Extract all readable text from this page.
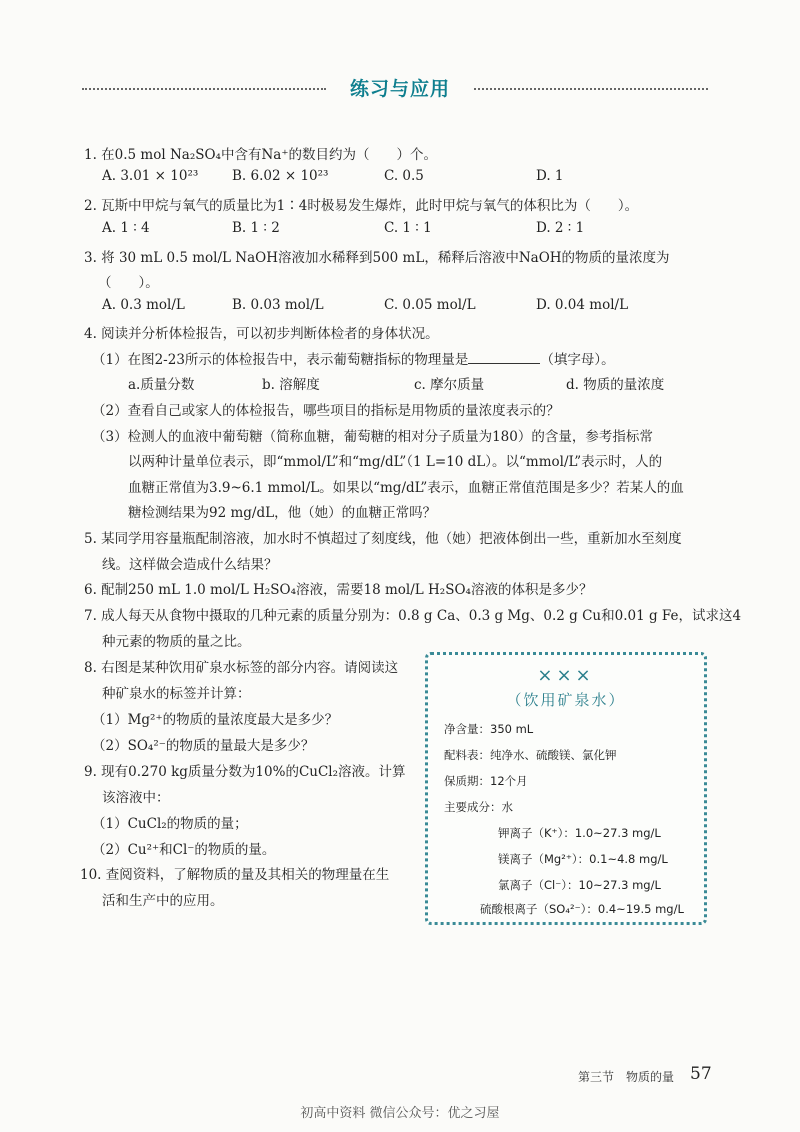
练习与应用
1. 在0.5 mol Na₂SO₄中含有Na⁺的数目约为（　　）个。
A. 3.01 × 10²³ B. 6.02 × 10²³	C. 0.5	D. 1
2. 瓦斯中甲烷与氧气的质量比为1∶4时极易发生爆炸，此时甲烷与氧气的体积比为（　　）。
A. 1 ∶ 4	B. 1 ∶ 2	C. 1 ∶ 1	D. 2 ∶ 1
3. 将 30 mL 0.5 mol/L NaOH溶液加水稀释到500 mL，稀释后溶液中NaOH的物质的量浓度为
（　　）。
A. 0.3 mol/L	B. 0.03 mol/L	C. 0.05 mol/L	D. 0.04 mol/L
4. 阅读并分析体检报告，可以初步判断体检者的身体状况。
（1）在图2-23所示的体检报告中，表示葡萄糖指标的物理量是	（填字母）。
a.质量分数	b. 溶解度	c. 摩尔质量	d. 物质的量浓度
（2）查看自己或家人的体检报告，哪些项目的指标是用物质的量浓度表示的？
（3）检测人的血液中葡萄糖（简称血糖，葡萄糖的相对分子质量为180）的含量，参考指标常
以两种计量单位表示，即“mmol/L”和“mg/dL”（1 L=10 dL）。以“mmol/L”表示时，人的
血糖正常值为3.9~6.1 mmol/L。如果以“mg/dL”表示，血糖正常值范围是多少？若某人的血
糖检测结果为92 mg/dL，他（她）的血糖正常吗？
5. 某同学用容量瓶配制溶液，加水时不慎超过了刻度线，他（她）把液体倒出一些，重新加水至刻度
线。这样做会造成什么结果？
6. 配制250 mL 1.0 mol/L H₂SO₄溶液，需要18 mol/L H₂SO₄溶液的体积是多少？
7. 成人每天从食物中摄取的几种元素的质量分别为：0.8 g Ca、0.3 g Mg、0.2 g Cu和0.01 g Fe，试求这4
种元素的物质的量之比。
8. 右图是某种饮用矿泉水标签的部分内容。请阅读这
种矿泉水的标签并计算：
（1）Mg²⁺的物质的量浓度最大是多少？
（2）SO₄²⁻的物质的量最大是多少？
9. 现有0.270 kg质量分数为10%的CuCl₂溶液。计算
该溶液中：
（1）CuCl₂的物质的量；
（2）Cu²⁺和Cl⁻的物质的量。
10. 查阅资料，了解物质的量及其相关的物理量在生
活和生产中的应用。
×××
（饮用矿泉水）
净含量：350 mL
配料表：纯净水、硫酸镁、氯化钾
保质期：12个月
主要成分：水
钾离子（K⁺）：1.0~27.3 mg/L
镁离子（Mg²⁺）：0.1~4.8 mg/L
氯离子（Cl⁻）：10~27.3 mg/L
硫酸根离子（SO₄²⁻）：0.4~19.5 mg/L
第三节　物质的量 57
初高中资料 微信公众号：优之习屋
